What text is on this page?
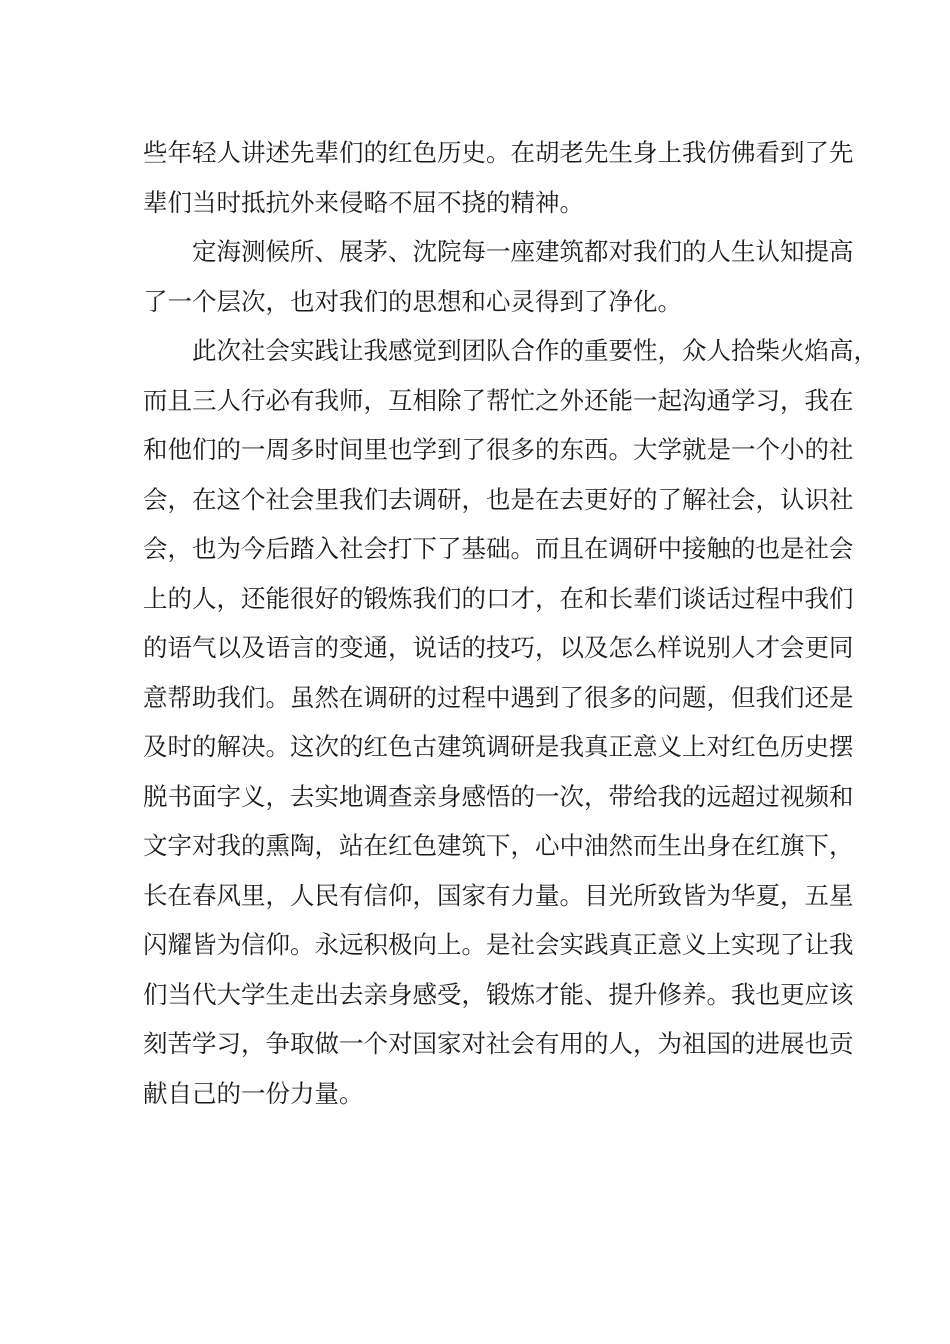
些年轻人讲述先辈们的红色历史。在胡老先生身上我仿佛看到了先
辈们当时抵抗外来侵略不屈不挠的精神。
定海测候所、展茅、沈院每一座建筑都对我们的人生认知提高
了一个层次，也对我们的思想和心灵得到了净化。
此次社会实践让我感觉到团队合作的重要性，众人拾柴火焰高，
而且三人行必有我师，互相除了帮忙之外还能一起沟通学习，我在
和他们的一周多时间里也学到了很多的东西。大学就是一个小的社
会，在这个社会里我们去调研，也是在去更好的了解社会，认识社
会，也为今后踏入社会打下了基础。而且在调研中接触的也是社会
上的人，还能很好的锻炼我们的口才，在和长辈们谈话过程中我们
的语气以及语言的变通，说话的技巧，以及怎么样说别人才会更同
意帮助我们。虽然在调研的过程中遇到了很多的问题，但我们还是
及时的解决。这次的红色古建筑调研是我真正意义上对红色历史摆
脱书面字义，去实地调查亲身感悟的一次，带给我的远超过视频和
文字对我的熏陶，站在红色建筑下，心中油然而生出身在红旗下，
长在春风里，人民有信仰，国家有力量。目光所致皆为华夏，五星
闪耀皆为信仰。永远积极向上。是社会实践真正意义上实现了让我
们当代大学生走出去亲身感受，锻炼才能、提升修养。我也更应该
刻苦学习，争取做一个对国家对社会有用的人，为祖国的进展也贡
献自己的一份力量。
